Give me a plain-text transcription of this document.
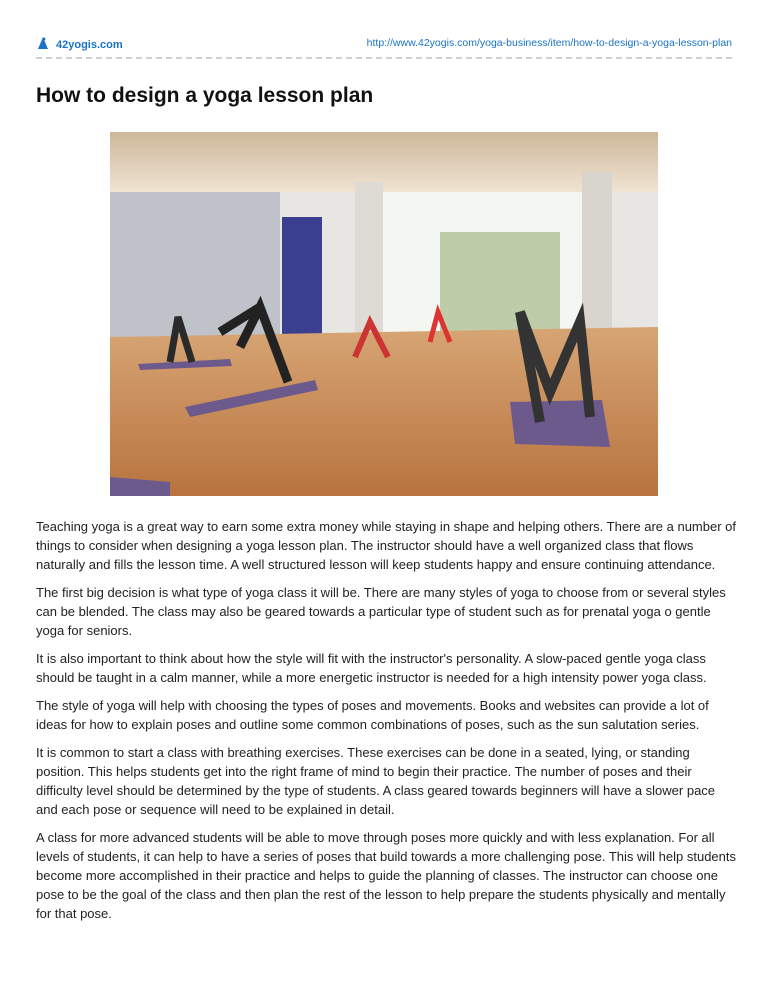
42yogis.com	http://www.42yogis.com/yoga-business/item/how-to-design-a-yoga-lesson-plan
How to design a yoga lesson plan

Teaching yoga is a great way to earn some extra money while staying in shape and helping others. There are a number of things to consider when designing a yoga lesson plan. The instructor should have a well organized class that flows naturally and fills the lesson time. A well structured lesson will keep students happy and ensure continuing attendance.

The first big decision is what type of yoga class it will be. There are many styles of yoga to choose from or several styles can be blended. The class may also be geared towards a particular type of student such as for prenatal yoga o gentle yoga for seniors.

It is also important to think about how the style will fit with the instructor's personality. A slow-paced gentle yoga class should be taught in a calm manner, while a more energetic instructor is needed for a high intensity power yoga class.

The style of yoga will help with choosing the types of poses and movements. Books and websites can provide a lot of ideas for how to explain poses and outline some common combinations of poses, such as the sun salutation series.

It is common to start a class with breathing exercises. These exercises can be done in a seated, lying, or standing position. This helps students get into the right frame of mind to begin their practice. The number of poses and their difficulty level should be determined by the type of students. A class geared towards beginners will have a slower pace and each pose or sequence will need to be explained in detail.

A class for more advanced students will be able to move through poses more quickly and with less explanation. For all levels of students, it can help to have a series of poses that build towards a more challenging pose. This will help students become more accomplished in their practice and helps to guide the planning of classes. The instructor can choose one pose to be the goal of the class and then plan the rest of the lesson to help prepare the students physically and mentally for that pose.
